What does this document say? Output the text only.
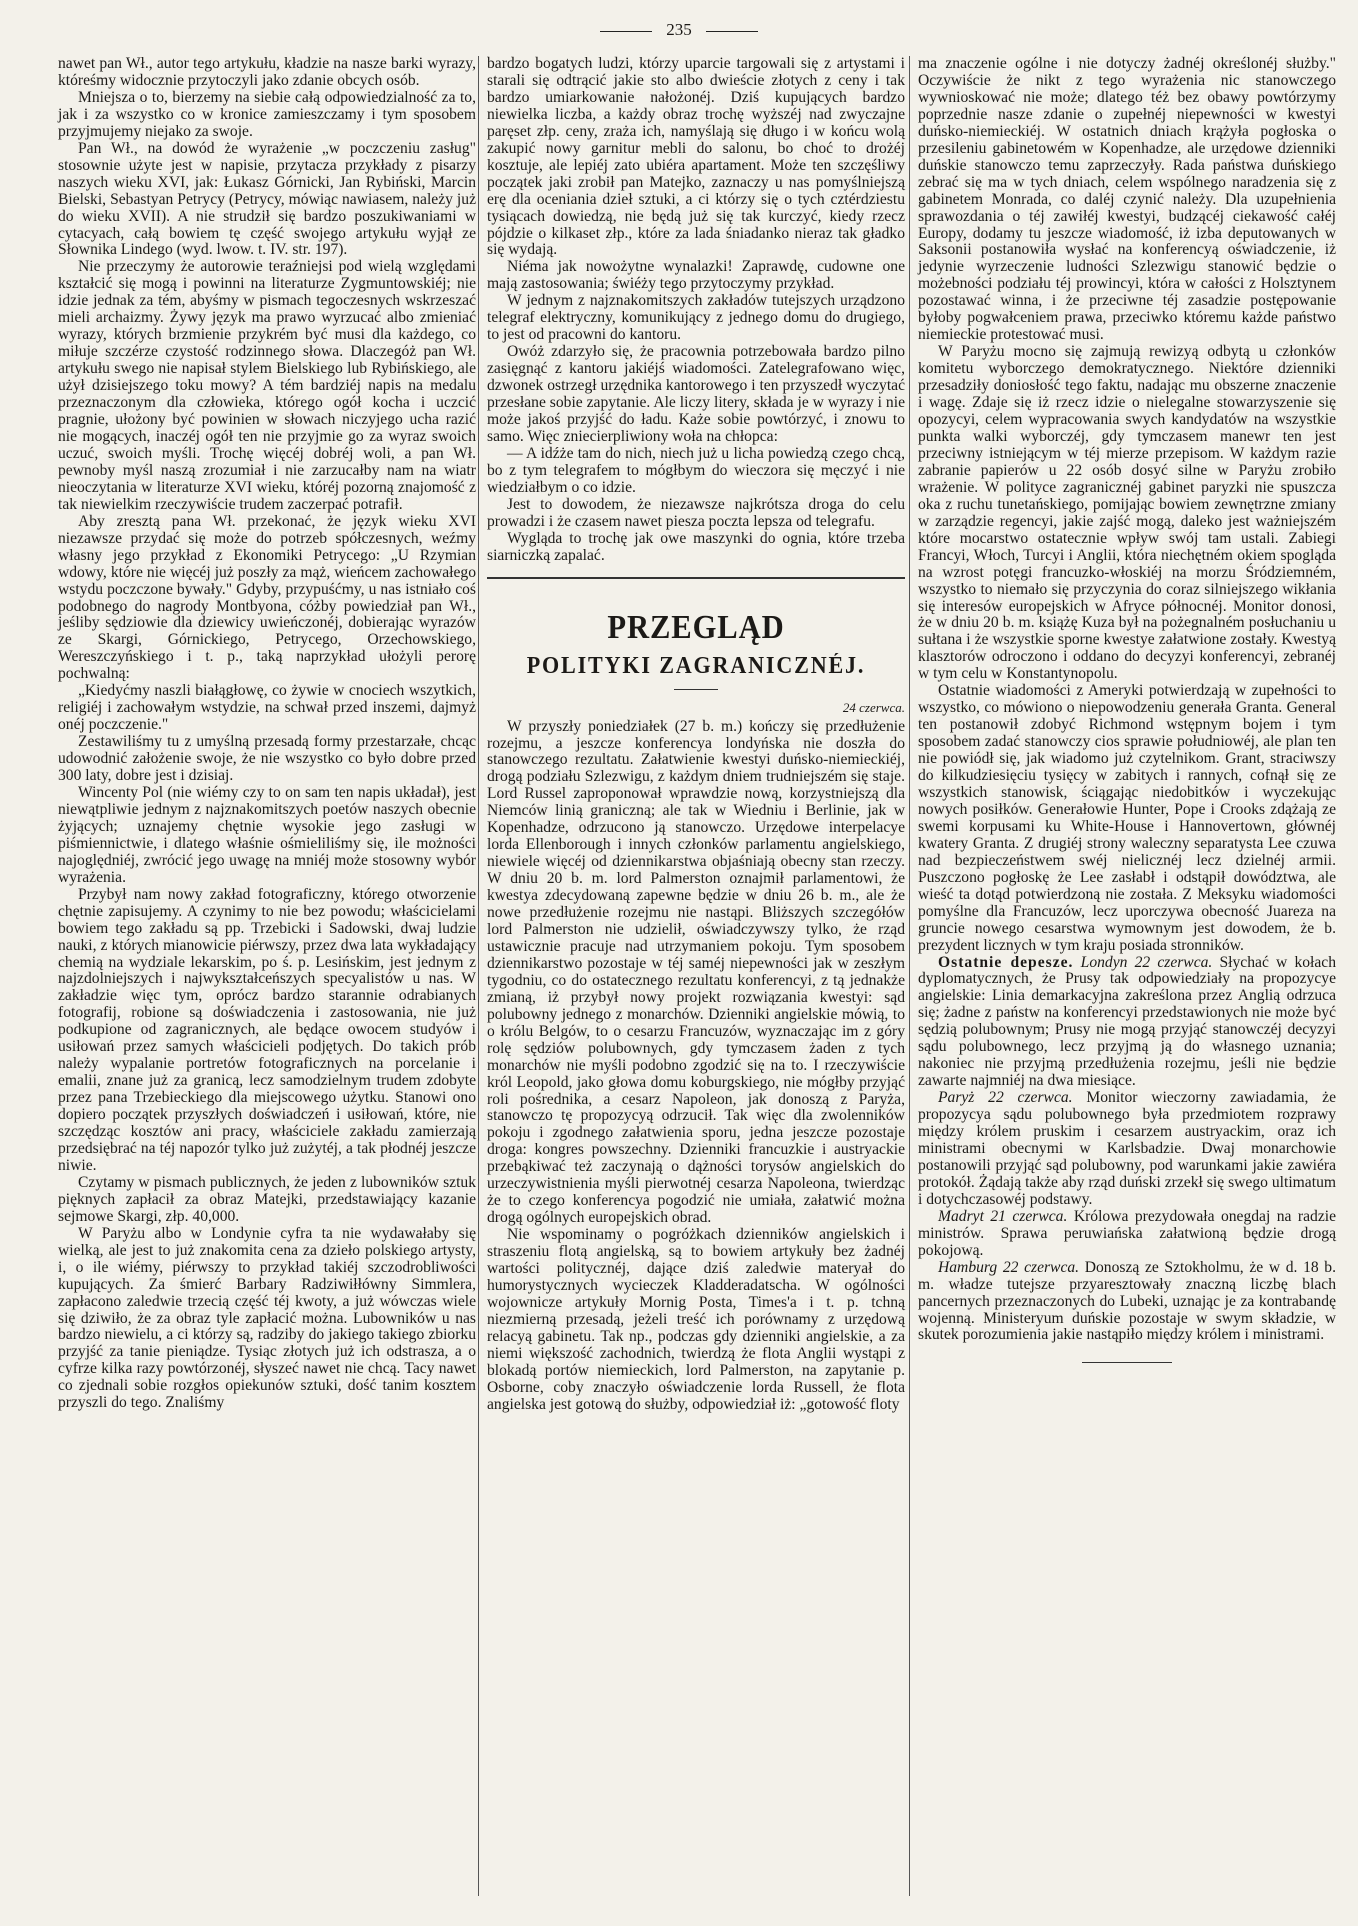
235

nawet pan Wł., autor tego artykułu, kładzie na nasze barki wyrazy, któreśmy widocznie przytoczyli jako zdanie obcych osób.

Mniejsza o to, bierzemy na siebie całą odpowiedzialność za to, jak i za wszystko co w kronice zamieszczamy i tym sposobem przyjmujemy niejako za swoje.

Pan Wł., na dowód że wyrażenie „w poczczeniu zasług" stosownie użyte jest w napisie, przytacza przykłady z pisarzy naszych wieku XVI, jak: Łukasz Górnicki, Jan Rybiński, Marcin Bielski, Sebastyan Petrycy (Petrycy, mówiąc nawiasem, należy już do wieku XVII). A nie strudził się bardzo poszukiwaniami w cytacyach, całą bowiem tę część swojego artykułu wyjął ze Słownika Lindego (wyd. lwow. t. IV. str. 197).

Nie przeczymy że autorowie teraźniejsi pod wielą względami kształcić się mogą i powinni na literaturze Zygmuntowskiéj; nie idzie jednak za tém, abyśmy w pismach tegoczesnych wskrzeszać mieli archaizmy. Żywy język ma prawo wyrzucać albo zmieniać wyrazy, których brzmienie przykrém być musi dla każdego, co miłuje szczérze czystość rodzinnego słowa. Dlaczegóż pan Wł. artykułu swego nie napisał stylem Bielskiego lub Rybińskiego, ale użył dzisiejszego toku mowy? A tém bardziéj napis na medalu przeznaczonym dla człowieka, którego ogół kocha i uczcić pragnie, ułożony być powinien w słowach niczyjego ucha razić nie mogących, inaczéj ogół ten nie przyjmie go za wyraz swoich uczuć, swoich myśli. Trochę więcéj dobréj woli, a pan Wł. pewnoby myśl naszą zrozumiał i nie zarzucałby nam na wiatr nieoczytania w literaturze XVI wieku, któréj pozorną znajomość z tak niewielkim rzeczywiście trudem zaczerpać potrafił.

Aby zresztą pana Wł. przekonać, że język wieku XVI niezawsze przydać się może do potrzeb spółczesnych, weźmy własny jego przykład z Ekonomiki Petrycego: „U Rzymian wdowy, które nie więcéj już poszły za mąż, wieńcem zachowałego wstydu poczczone bywały." Gdyby, przypuśćmy, u nas istniało coś podobnego do nagrody Montbyona, cóżby powiedział pan Wł., jeśliby sędziowie dla dziewicy uwieńczonéj, dobierając wyrazów ze Skargi, Górnickiego, Petrycego, Orzechowskiego, Wereszczyńskiego i t. p., taką naprzykład ułożyli perorę pochwalną:

„Kiedyćmy naszli białągłowę, co żywie w cnociech wszytkich, religiéj i zachowałym wstydzie, na schwał przed inszemi, dajmyż onéj poczczenie."

Zestawiliśmy tu z umyślną przesadą formy przestarzałe, chcąc udowodnić założenie swoje, że nie wszystko co było dobre przed 300 laty, dobre jest i dzisiaj.

Wincenty Pol (nie wiémy czy to on sam ten napis układał), jest niewątpliwie jednym z najznakomitszych poetów naszych obecnie żyjących; uznajemy chętnie wysokie jego zasługi w piśmiennictwie, i dlatego właśnie ośmieliliśmy się, ile możności najoględniéj, zwrócić jego uwagę na mniéj może stosowny wybór wyrażenia.

Przybył nam nowy zakład fotograficzny, którego otworzenie chętnie zapisujemy. A czynimy to nie bez powodu; właścicielami bowiem tego zakładu są pp. Trzebicki i Sadowski, dwaj ludzie nauki, z których mianowicie piérwszy, przez dwa lata wykładający chemią na wydziale lekarskim, po ś. p. Lesińskim, jest jednym z najzdolniejszych i najwykształceńszych specyalistów u nas. W zakładzie więc tym, oprócz bardzo starannie odrabianych fotografij, robione są doświadczenia i zastosowania, nie już podkupione od zagranicznych, ale będące owocem studyów i usiłowań przez samych właścicieli podjętych. Do takich prób należy wypalanie portretów fotograficznych na porcelanie i emalii, znane już za granicą, lecz samodzielnym trudem zdobyte przez pana Trzebieckiego dla miejscowego użytku. Stanowi ono dopiero początek przyszłych doświadczeń i usiłowań, które, nie szczędząc kosztów ani pracy, właściciele zakładu zamierzają przedsiębrać na téj napozór tylko już zużytéj, a tak płodnéj jeszcze niwie.

Czytamy w pismach publicznych, że jeden z lubowników sztuk pięknych zapłacił za obraz Matejki, przedstawiający kazanie sejmowe Skargi, złp. 40,000.

W Paryżu albo w Londynie cyfra ta nie wydawałaby się wielką, ale jest to już znakomita cena za dzieło polskiego artysty, i, o ile wiémy, piérwszy to przykład takiéj szczodrobliwości kupujących. Za śmierć Barbary Radziwiłłówny Simmlera, zapłacono zaledwie trzecią część téj kwoty, a już wówczas wiele się dziwiło, że za obraz tyle zapłacić można. Lubowników u nas bardzo niewielu, a ci którzy są, radziby do jakiego takiego zbiorku przyjść za tanie pieniądze. Tysiąc złotych już ich odstrasza, a o cyfrze kilka razy powtórzonéj, słyszeć nawet nie chcą. Tacy nawet co zjednali sobie rozgłos opiekunów sztuki, dość tanim kosztem przyszli do tego. Znaliśmy

bardzo bogatych ludzi, którzy uparcie targowali się z artystami i starali się odtrącić jakie sto albo dwieście złotych z ceny i tak bardzo umiarkowanie nałożonéj. Dziś kupujących bardzo niewielka liczba, a każdy obraz trochę wyższéj nad zwyczajne paręset złp. ceny, zraża ich, namyślają się długo i w końcu wolą zakupić nowy garnitur mebli do salonu, bo choć to drożéj kosztuje, ale lepiéj zato ubiéra apartament. Może ten szczęśliwy początek jaki zrobił pan Matejko, zaznaczy u nas pomyślniejszą erę dla oceniania dzieł sztuki, a ci którzy się o tych cztérdziestu tysiącach dowiedzą, nie będą już się tak kurczyć, kiedy rzecz pójdzie o kilkaset złp., które za lada śniadanko nieraz tak gładko się wydają.

Niéma jak nowożytne wynalazki! Zaprawdę, cudowne one mają zastosowania; świéży tego przytoczymy przykład.

W jednym z najznakomitszych zakładów tutejszych urządzono telegraf elektryczny, komunikujący z jednego domu do drugiego, to jest od pracowni do kantoru.

Owóż zdarzyło się, że pracownia potrzebowała bardzo pilno zasięgnąć z kantoru jakiéjś wiadomości. Zatelegrafowano więc, dzwonek ostrzegł urzędnika kantorowego i ten przyszedł wyczytać przesłane sobie zapytanie. Ale liczy litery, składa je w wyrazy i nie może jakoś przyjść do ładu. Każe sobie powtórzyć, i znowu to samo. Więc zniecierpliwiony woła na chłopca:

— A idźże tam do nich, niech już u licha powiedzą czego chcą, bo z tym telegrafem to mógłbym do wieczora się męczyć i nie wiedziałbym o co idzie.

Jest to dowodem, że niezawsze najkrótsza droga do celu prowadzi i że czasem nawet piesza poczta lepsza od telegrafu.

Wygląda to trochę jak owe maszynki do ognia, które trzeba siarniczką zapalać.

PRZEGLĄD
POLITYKI ZAGRANICZNÉJ.
24 czerwca.

W przyszły poniedziałek (27 b. m.) kończy się przedłużenie rozejmu, a jeszcze konferencya londyńska nie doszła do stanowczego rezultatu. Załatwienie kwestyi duńsko-niemieckiéj, drogą podziału Szlezwigu, z każdym dniem trudniejszém się staje. Lord Russel zaproponował wprawdzie nową, korzystniejszą dla Niemców linią graniczną; ale tak w Wiedniu i Berlinie, jak w Kopenhadze, odrzucono ją stanowczo. Urzędowe interpelacye lorda Ellenborough i innych członków parlamentu angielskiego, niewiele więcéj od dziennikarstwa objaśniają obecny stan rzeczy. W dniu 20 b. m. lord Palmerston oznajmił parlamentowi, że kwestya zdecydowaną zapewne będzie w dniu 26 b. m., ale że nowe przedłużenie rozejmu nie nastąpi. Bliższych szczegółów lord Palmerston nie udzielił, oświadczywszy tylko, że rząd ustawicznie pracuje nad utrzymaniem pokoju. Tym sposobem dziennikarstwo pozostaje w téj saméj niepewności jak w zeszłym tygodniu, co do ostatecznego rezultatu konferencyi, z tą jednakże zmianą, iż przybył nowy projekt rozwiązania kwestyi: sąd polubowny jednego z monarchów. Dzienniki angielskie mówią, to o królu Belgów, to o cesarzu Francuzów, wyznaczając im z góry rolę sędziów polubownych, gdy tymczasem żaden z tych monarchów nie myśli podobno zgodzić się na to. I rzeczywiście król Leopold, jako głowa domu koburgskiego, nie mógłby przyjąć roli pośrednika, a cesarz Napoleon, jak donoszą z Paryża, stanowczo tę propozycyą odrzucił. Tak więc dla zwolenników pokoju i zgodnego załatwienia sporu, jedna jeszcze pozostaje droga: kongres powszechny. Dzienniki francuzkie i austryackie przebąkiwać też zaczynają o dążności torysów angielskich do urzeczywistnienia myśli pierwotnéj cesarza Napoleona, twierdząc że to czego konferencya pogodzić nie umiała, załatwić można drogą ogólnych europejskich obrad.

Nie wspominamy o pogróżkach dzienników angielskich i straszeniu flotą angielską, są to bowiem artykuły bez żadnéj wartości politycznéj, dające dziś zaledwie materyał do humorystycznych wycieczek Kladderadatscha. W ogólności wojownicze artykuły Mornig Posta, Times'a i t. p. tchną niezmierną przesadą, jeżeli treść ich porównamy z urzędową relacyą gabinetu. Tak np., podczas gdy dzienniki angielskie, a za niemi większość zachodnich, twierdzą że flota Anglii wystąpi z blokadą portów niemieckich, lord Palmerston, na zapytanie p. Osborne, coby znaczyło oświadczenie lorda Russell, że flota angielska jest gotową do służby, odpowiedział iż: „gotowość floty

ma znaczenie ogólne i nie dotyczy żadnéj określonéj służby." Oczywiście że nikt z tego wyrażenia nic stanowczego wywnioskować nie może; dlatego téż bez obawy powtórzymy poprzednie nasze zdanie o zupełnéj niepewności w kwestyi duńsko-niemieckiéj. W ostatnich dniach krążyła pogłoska o przesileniu gabinetowém w Kopenhadze, ale urzędowe dzienniki duńskie stanowczo temu zaprzeczyły. Rada państwa duńskiego zebrać się ma w tych dniach, celem wspólnego naradzenia się z gabinetem Monrada, co daléj czynić należy. Dla uzupełnienia sprawozdania o téj zawiłéj kwestyi, budzącéj ciekawość całéj Europy, dodamy tu jeszcze wiadomość, iż izba deputowanych w Saksonii postanowiła wysłać na konferencyą oświadczenie, iż jedynie wyrzeczenie ludności Szlezwigu stanowić będzie o możebności podziału téj prowincyi, która w całości z Holsztynem pozostawać winna, i że przeciwne téj zasadzie postępowanie byłoby pogwałceniem prawa, przeciwko któremu każde państwo niemieckie protestować musi.

W Paryżu mocno się zajmują rewizyą odbytą u członków komitetu wyborczego demokratycznego. Niektóre dzienniki przesadziły doniosłość tego faktu, nadając mu obszerne znaczenie i wagę. Zdaje się iż rzecz idzie o nielegalne stowarzyszenie się opozycyi, celem wypracowania swych kandydatów na wszystkie punkta walki wyborczéj, gdy tymczasem manewr ten jest przeciwny istniejącym w téj mierze przepisom. W każdym razie zabranie papierów u 22 osób dosyć silne w Paryżu zrobiło wrażenie. W polityce zagranicznéj gabinet paryzki nie spuszcza oka z ruchu tunetańskiego, pomijając bowiem zewnętrzne zmiany w zarządzie regencyi, jakie zajść mogą, daleko jest ważniejszém które mocarstwo ostatecznie wpływ swój tam ustali. Zabiegi Francyi, Włoch, Turcyi i Anglii, która niechętném okiem spogląda na wzrost potęgi francuzko-włoskiéj na morzu Śródziemném, wszystko to niemało się przyczynia do coraz silniejszego wikłania się interesów europejskich w Afryce północnéj. Monitor donosi, że w dniu 20 b. m. książę Kuza był na pożegnalném posłuchaniu u sułtana i że wszystkie sporne kwestye załatwione zostały. Kwestyą klasztorów odroczono i oddano do decyzyi konferencyi, zebranéj w tym celu w Konstantynopolu.

Ostatnie wiadomości z Ameryki potwierdzają w zupełności to wszystko, co mówiono o niepowodzeniu generała Granta. General ten postanowił zdobyć Richmond wstępnym bojem i tym sposobem zadać stanowczy cios sprawie południowéj, ale plan ten nie powiódł się, jak wiadomo już czytelnikom. Grant, straciwszy do kilkudziesięciu tysięcy w zabitych i rannych, cofnął się ze wszystkich stanowisk, ściągając niedobitków i wyczekując nowych posiłków. Generałowie Hunter, Pope i Crooks zdążają ze swemi korpusami ku White-House i Hannovertown, głównéj kwatery Granta. Z drugiéj strony waleczny separatysta Lee czuwa nad bezpieczeństwem swéj nielicznéj lecz dzielnéj armii. Puszczono pogłoskę że Lee zasłabł i odstąpił dowództwa, ale wieść ta dotąd potwierdzoną nie została. Z Meksyku wiadomości pomyślne dla Francuzów, lecz uporczywa obecność Juareza na gruncie nowego cesarstwa wymownym jest dowodem, że b. prezydent licznych w tym kraju posiada stronników.

Ostatnie depesze. Londyn 22 czerwca. Słychać w kołach dyplomatycznych, że Prusy tak odpowiedziały na propozycye angielskie: Linia demarkacyjna zakreślona przez Anglią odrzuca się; żadne z państw na konferencyi przedstawionych nie może być sędzią polubownym; Prusy nie mogą przyjąć stanowczéj decyzyi sądu polubownego, lecz przyjmą ją do własnego uznania; nakoniec nie przyjmą przedłużenia rozejmu, jeśli nie będzie zawarte najmniéj na dwa miesiące.

Paryż 22 czerwca. Monitor wieczorny zawiadamia, że propozycya sądu polubownego była przedmiotem rozprawy między królem pruskim i cesarzem austryackim, oraz ich ministrami obecnymi w Karlsbadzie. Dwaj monarchowie postanowili przyjąć sąd polubowny, pod warunkami jakie zawiéra protokół. Żądają także aby rząd duński zrzekł się swego ultimatum i dotychczasowéj podstawy.

Madryt 21 czerwca. Królowa prezydowała onegdaj na radzie ministrów. Sprawa peruwiańska załatwioną będzie drogą pokojową.

Hamburg 22 czerwca. Donoszą ze Sztokholmu, że w d. 18 b. m. władze tutejsze przyaresztowały znaczną liczbę blach pancernych przeznaczonych do Lubeki, uznając je za kontrabandę wojenną. Ministeryum duńskie pozostaje w swym składzie, w skutek porozumienia jakie nastąpiło między królem i ministrami.
